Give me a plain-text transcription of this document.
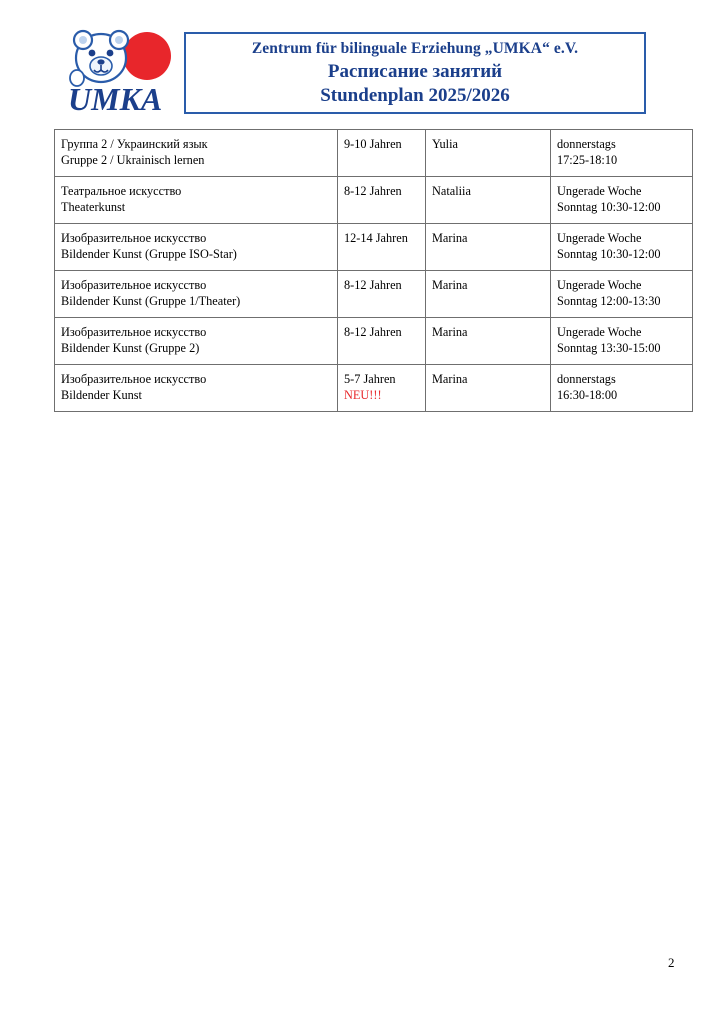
UMKA
Zentrum für bilinguale Erziehung „UMKA“ e.V.
Расписание занятий
Stundenplan 2025/2026
Группа 2 / Украинский язык
Gruppe 2 / Ukrainisch lernen	9-10 Jahren	Yulia	donnerstags
17:25-18:10

Театральное искусство
Theaterkunst	8-12 Jahren	Nataliia	Ungerade Woche
Sonntag 10:30-12:00

Изобразительное искусство
Bildender Kunst (Gruppe ISO-Star)	12-14 Jahren	Marina	Ungerade Woche
Sonntag 10:30-12:00

Изобразительное искусство
Bildender Kunst (Gruppe 1/Theater)	8-12 Jahren	Marina	Ungerade Woche
Sonntag 12:00-13:30

Изобразительное искусство
Bildender Kunst (Gruppe 2)	8-12 Jahren	Marina	Ungerade Woche
Sonntag 13:30-15:00

Изобразительное искусство
Bildender Kunst	5-7 Jahren
NEU!!!	Marina	donnerstags
16:30-18:00
2
